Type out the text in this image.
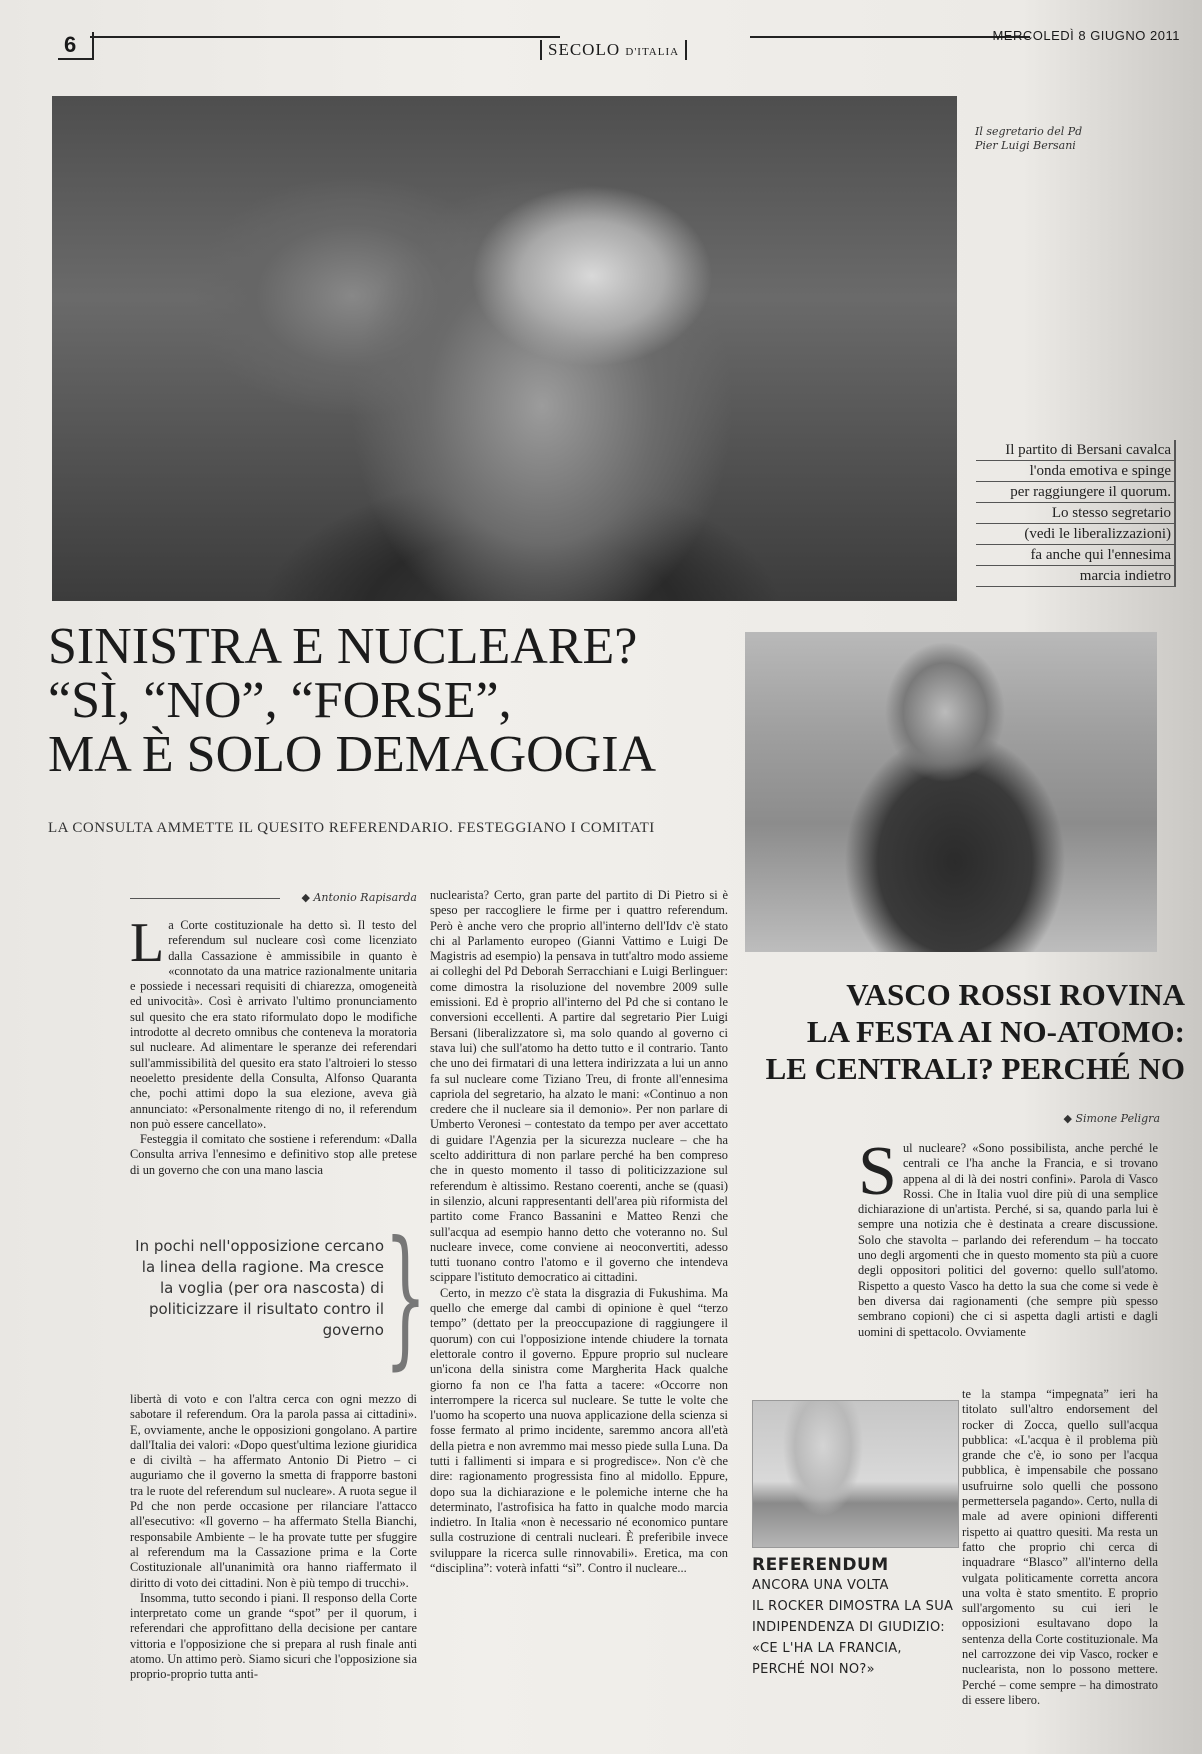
6	SECOLO D'ITALIA
MERCOLEDÌ 8 GIUGNO 2011
Il segretario del Pd
Pier Luigi Bersani
Il partito di Bersani cavalca
l'onda emotiva e spinge
per raggiungere il quorum.
Lo stesso segretario
(vedi le liberalizzazioni)
fa anche qui l'ennesima
marcia indietro
SINISTRA E NUCLEARE?
“SÌ, “NO”, “FORSE”,
MA È SOLO DEMAGOGIA
LA CONSULTA AMMETTE IL QUESITO REFERENDARIO. FESTEGGIANO I COMITATI
◆ Antonio Rapisarda

La Corte costituzionale ha detto sì. Il testo del referendum sul nucleare così come licenziato dalla Cassazione è ammissibile in quanto è «connotato da una matrice razionalmente unitaria e possiede i necessari requisiti di chiarezza, omogeneità ed univocità». Così è arrivato l'ultimo pronunciamento sul quesito che era stato riformulato dopo le modifiche introdotte al decreto omnibus che conteneva la moratoria sul nucleare. Ad alimentare le speranze dei referendari sull'ammissibilità del quesito era stato l'altroieri lo stesso neoeletto presidente della Consulta, Alfonso Quaranta che, pochi attimi dopo la sua elezione, aveva già annunciato: «Personalmente ritengo di no, il referendum non può essere cancellato».

Festeggia il comitato che sostiene i referendum: «Dalla Consulta arriva l'ennesimo e definitivo stop alle pretese di un governo che con una mano lascia

In pochi nell'opposizione cercano la linea della ragione. Ma cresce la voglia (per ora nascosta) di politicizzare il risultato contro il governo }

libertà di voto e con l'altra cerca con ogni mezzo di sabotare il referendum. Ora la parola passa ai cittadini». E, ovviamente, anche le opposizioni gongolano. A partire dall'Italia dei valori: «Dopo quest'ultima lezione giuridica e di civiltà – ha affermato Antonio Di Pietro – ci auguriamo che il governo la smetta di frapporre bastoni tra le ruote del referendum sul nucleare». A ruota segue il Pd che non perde occasione per rilanciare l'attacco all'esecutivo: «Il governo – ha affermato Stella Bianchi, responsabile Ambiente – le ha provate tutte per sfuggire al referendum ma la Cassazione prima e la Corte Costituzionale all'unanimità ora hanno riaffermato il diritto di voto dei cittadini. Non è più tempo di trucchi».

Insomma, tutto secondo i piani. Il responso della Corte interpretato come un grande “spot” per il quorum, i referendari che approfittano della decisione per cantare vittoria e l'opposizione che si prepara al rush finale anti atomo. Un attimo però. Siamo sicuri che l'opposizione sia proprio-proprio tutta anti-

nuclearista? Certo, gran parte del partito di Di Pietro si è speso per raccogliere le firme per i quattro referendum. Però è anche vero che proprio all'interno dell'Idv c'è stato chi al Parlamento europeo (Gianni Vattimo e Luigi De Magistris ad esempio) la pensava in tutt'altro modo assieme ai colleghi del Pd Deborah Serracchiani e Luigi Berlinguer: come dimostra la risoluzione del novembre 2009 sulle emissioni. Ed è proprio all'interno del Pd che si contano le conversioni eccellenti. A partire dal segretario Pier Luigi Bersani (liberalizzatore sì, ma solo quando al governo ci stava lui) che sull'atomo ha detto tutto e il contrario. Tanto che uno dei firmatari di una lettera indirizzata a lui un anno fa sul nucleare come Tiziano Treu, di fronte all'ennesima capriola del segretario, ha alzato le mani: «Continuo a non credere che il nucleare sia il demonio». Per non parlare di Umberto Veronesi – contestato da tempo per aver accettato di guidare l'Agenzia per la sicurezza nucleare – che ha scelto addirittura di non parlare perché ha ben compreso che in questo momento il tasso di politicizzazione sul referendum è altissimo. Restano coerenti, anche se (quasi) in silenzio, alcuni rappresentanti dell'area più riformista del partito come Franco Bassanini e Matteo Renzi che sull'acqua ad esempio hanno detto che voteranno no. Sul nucleare invece, come conviene ai neoconvertiti, adesso tutti tuonano contro l'atomo e il governo che intendeva scippare l'istituto democratico ai cittadini.

Certo, in mezzo c'è stata la disgrazia di Fukushima. Ma quello che emerge dal cambi di opinione è quel “terzo tempo” (dettato per la preoccupazione di raggiungere il quorum) con cui l'opposizione intende chiudere la tornata elettorale contro il governo. Eppure proprio sul nucleare un'icona della sinistra come Margherita Hack qualche giorno fa non ce l'ha fatta a tacere: «Occorre non interrompere la ricerca sul nucleare. Se tutte le volte che l'uomo ha scoperto una nuova applicazione della scienza si fosse fermato al primo incidente, saremmo ancora all'età della pietra e non avremmo mai messo piede sulla Luna. Da tutti i fallimenti si impara e si progredisce». Non c'è che dire: ragionamento progressista fino al midollo. Eppure, dopo sua la dichiarazione e le polemiche interne che ha determinato, l'astrofisica ha fatto in qualche modo marcia indietro. In Italia «non è necessario né economico puntare sulla costruzione di centrali nucleari. È preferibile invece sviluppare la ricerca sulle rinnovabili». Eretica, ma con “disciplina”: voterà infatti “sì”. Contro il nucleare...

VASCO ROSSI ROVINA
LA FESTA AI NO-ATOMO:
LE CENTRALI? PERCHÉ NO
◆ Simone Peligra

Sul nucleare? «Sono possibilista, anche perché le centrali ce l'ha anche la Francia, e si trovano appena al di là dei nostri confini». Parola di Vasco Rossi. Che in Italia vuol dire più di una semplice dichiarazione di un'artista. Perché, si sa, quando parla lui è sempre una notizia che è destinata a creare discussione. Solo che stavolta – parlando dei referendum – ha toccato uno degli argomenti che in questo momento sta più a cuore degli oppositori politici del governo: quello sull'atomo. Rispetto a questo Vasco ha detto la sua che come si vede è ben diversa dai ragionamenti (che sempre più spesso sembrano copioni) che ci si aspetta dagli artisti e dagli uomini di spettacolo. Ovviamente

REFERENDUM
ANCORA UNA VOLTA
IL ROCKER DIMOSTRA LA SUA
INDIPENDENZA DI GIUDIZIO:
«CE L'HA LA FRANCIA,
PERCHÉ NOI NO?»

te la stampa “impegnata” ieri ha titolato sull'altro endorsement del rocker di Zocca, quello sull'acqua pubblica: «L'acqua è il problema più grande che c'è, io sono per l'acqua pubblica, è impensabile che possano usufruirne solo quelli che possono permettersela pagando». Certo, nulla di male ad avere opinioni differenti rispetto ai quattro quesiti. Ma resta un fatto che proprio chi cerca di inquadrare “Blasco” all'interno della vulgata politicamente corretta ancora una volta è stato smentito. E proprio sull'argomento su cui ieri le opposizioni esultavano dopo la sentenza della Corte costituzionale. Ma nel carrozzone dei vip Vasco, rocker e nuclearista, non lo possono mettere. Perché – come sempre – ha dimostrato di essere libero.
